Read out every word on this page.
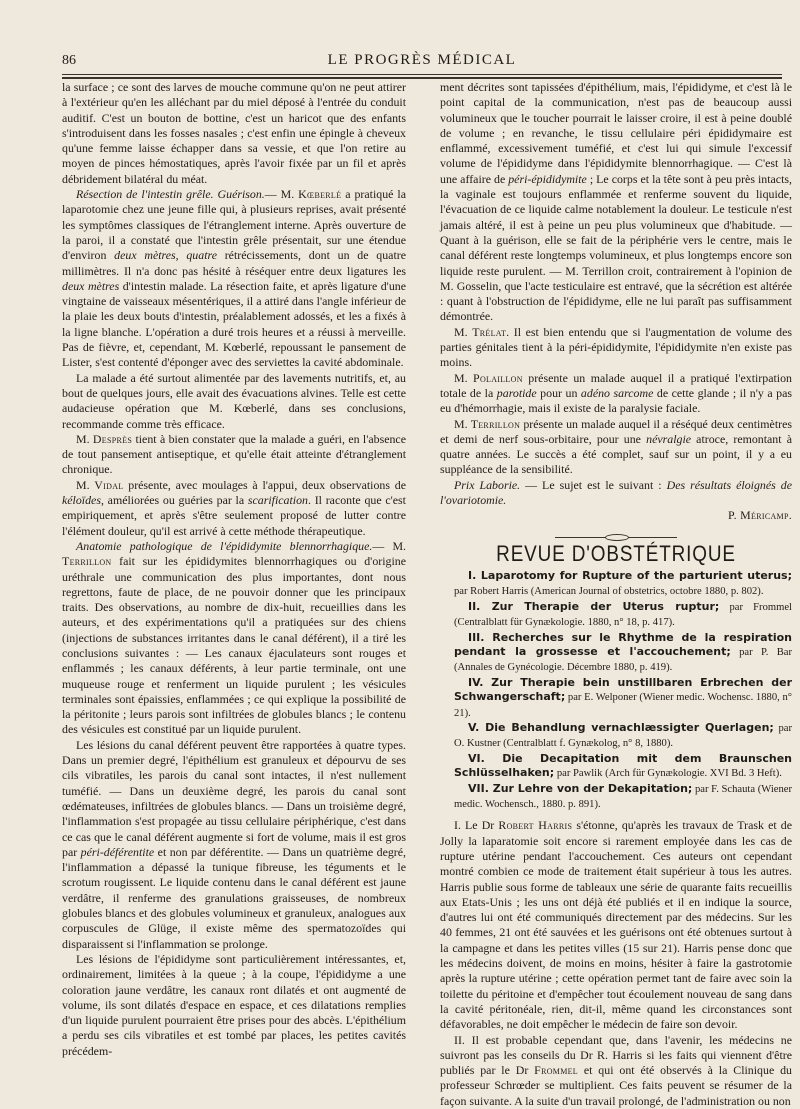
86	LE PROGRÈS MÉDICAL

la surface ; ce sont des larves de mouche commune qu'on ne peut attirer à l'extérieur qu'en les alléchant par du miel déposé à l'entrée du conduit auditif. C'est un bouton de bottine, c'est un haricot que des enfants s'introduisent dans les fosses nasales ; c'est enfin une épingle à cheveux qu'une femme laisse échapper dans sa vessie, et que l'on retire au moyen de pinces hémostatiques, après l'avoir fixée par un fil et après débridement bilatéral du méat.

Résection de l'intestin grêle. Guérison.— M. Kœberlé a pratiqué la laparotomie chez une jeune fille qui, à plusieurs reprises, avait présenté les symptômes classiques de l'étranglement interne. Après ouverture de la paroi, il a constaté que l'intestin grêle présentait, sur une étendue d'environ deux mètres, quatre rétrécissements, dont un de quatre millimètres. Il n'a donc pas hésité à réséquer entre deux ligatures les deux mètres d'intestin malade. La résection faite, et après ligature d'une vingtaine de vaisseaux mésentériques, il a attiré dans l'angle inférieur de la plaie les deux bouts d'intestin, préalablement adossés, et les a fixés à la ligne blanche. L'opération a duré trois heures et a réussi à merveille. Pas de fièvre, et, cependant, M. Kœberlé, repoussant le pansement de Lister, s'est contenté d'éponger avec des serviettes la cavité abdominale.

La malade a été surtout alimentée par des lavements nutritifs, et, au bout de quelques jours, elle avait des évacuations alvines. Telle est cette audacieuse opération que M. Kœberlé, dans ses conclusions, recommande comme très efficace.

M. Desprès tient à bien constater que la malade a guéri, en l'absence de tout pansement antiseptique, et qu'elle était atteinte d'étranglement chronique.

M. Vidal présente, avec moulages à l'appui, deux observations de kéloïdes, améliorées ou guéries par la scarification. Il raconte que c'est empiriquement, et après s'être seulement proposé de lutter contre l'élément douleur, qu'il est arrivé à cette méthode thérapeutique.

Anatomie pathologique de l'épididymite blennorrhagique.— M. Terrillon fait sur les épididymites blennorrhagiques ou d'origine uréthrale une communication des plus importantes, dont nous regrettons, faute de place, de ne pouvoir donner que les principaux traits. Des observations, au nombre de dix-huit, recueillies dans les auteurs, et des expérimentations qu'il a pratiquées sur des chiens (injections de substances irritantes dans le canal déférent), il a tiré les conclusions suivantes : — Les canaux éjaculateurs sont rouges et enflammés ; les canaux déférents, à leur partie terminale, ont une muqueuse rouge et renferment un liquide purulent ; les vésicules terminales sont épaissies, enflammées ; ce qui explique la possibilité de la péritonite ; leurs parois sont infiltrées de globules blancs ; le contenu des vésicules est constitué par un liquide purulent.

Les lésions du canal déférent peuvent être rapportées à quatre types. Dans un premier degré, l'épithélium est granuleux et dépourvu de ses cils vibratiles, les parois du canal sont intactes, il n'est nullement tuméfié. — Dans un deuxième degré, les parois du canal sont œdémateuses, infiltrées de globules blancs. — Dans un troisième degré, l'inflammation s'est propagée au tissu cellulaire périphérique, c'est dans ce cas que le canal déférent augmente si fort de volume, mais il est gros par péri-déférentite et non par déférentite. — Dans un quatrième degré, l'inflammation a dépassé la tunique fibreuse, les téguments et le scrotum rougissent. Le liquide contenu dans le canal déférent est jaune verdâtre, il renferme des granulations graisseuses, de nombreux globules blancs et des globules volumineux et granuleux, analogues aux corpuscules de Glüge, il existe même des spermatozoïdes qui disparaissent si l'inflammation se prolonge.

Les lésions de l'épididyme sont particulièrement intéressantes, et, ordinairement, limitées à la queue ; à la coupe, l'épididyme a une coloration jaune verdâtre, les canaux ront dilatés et ont augmenté de volume, ils sont dilatés d'espace en espace, et ces dilatations remplies d'un liquide purulent pourraient être prises pour des abcès. L'épithélium a perdu ses cils vibratiles et est tombé par places, les petites cavités précédem-

ment décrites sont tapissées d'épithélium, mais, l'épididyme, et c'est là le point capital de la communication, n'est pas de beaucoup aussi volumineux que le toucher pourrait le laisser croire, il est à peine doublé de volume ; en revanche, le tissu cellulaire péri épididymaire est enflammé, excessivement tuméfié, et c'est lui qui simule l'excessif volume de l'épididyme dans l'épididymite blennorrhagique. — C'est là une affaire de péri-épididymite ; Le corps et la tête sont à peu près intacts, la vaginale est toujours enflammée et renferme souvent du liquide, l'évacuation de ce liquide calme notablement la douleur. Le testicule n'est jamais altéré, il est à peine un peu plus volumineux que d'habitude. — Quant à la guérison, elle se fait de la périphérie vers le centre, mais le canal déférent reste longtemps volumineux, et plus longtemps encore son liquide reste purulent. — M. Terrillon croit, contrairement à l'opinion de M. Gosselin, que l'acte testiculaire est entravé, que la sécrétion est altérée : quant à l'obstruction de l'épididyme, elle ne lui paraît pas suffisamment démontrée.

M. Trélat. Il est bien entendu que si l'augmentation de volume des parties génitales tient à la péri-épididymite, l'épididymite n'en existe pas moins.

M. Polaillon présente un malade auquel il a pratiqué l'extirpation totale de la parotide pour un adéno sarcome de cette glande ; il n'y a pas eu d'hémorrhagie, mais il existe de la paralysie faciale.

M. Terrillon présente un malade auquel il a réséqué deux centimètres et demi de nerf sous-orbitaire, pour une névralgie atroce, remontant à quatre années. Le succès a été complet, sauf sur un point, il y a eu suppléance de la sensibilité.

Prix Laborie. — Le sujet est le suivant : Des résultats éloignés de l'ovariotomie.

P. Méricamp.

REVUE D'OBSTÉTRIQUE

I. Laparotomy for Rupture of the parturient uterus; par Robert Harris (American Journal of obstetrics, octobre 1880, p. 802).

II. Zur Therapie der Uterus ruptur; par Frommel (Centralblatt für Gynækologie. 1880, n° 18, p. 417).

III. Recherches sur le Rhythme de la respiration pendant la grossesse et l'accouchement; par P. Bar (Annales de Gynécologie. Décembre 1880, p. 419).

IV. Zur Therapie bein unstillbaren Erbrechen der Schwangerschaft; par E. Welponer (Wiener medic. Wochensc. 1880, n° 21).

V. Die Behandlung vernachlæssigter Querlagen; par O. Kustner (Centralblatt f. Gynækolog, n° 8, 1880).

VI. Die Decapitation mit dem Braunschen Schlüsselhaken; par Pawlik (Arch für Gynækologie. XVI Bd. 3 Heft).

VII. Zur Lehre von der Dekapitation; par F. Schauta (Wiener medic. Wochensch., 1880. p. 891).

I. Le Dr Robert Harris s'étonne, qu'après les travaux de Trask et de Jolly la laparatomie soit encore si rarement employée dans les cas de rupture utérine pendant l'accouchement. Ces auteurs ont cependant montré combien ce mode de traitement était supérieur à tous les autres. Harris publie sous forme de tableaux une série de quarante faits recueillis aux Etats-Unis ; les uns ont déjà été publiés et il en indique la source, d'autres lui ont été communiqués directement par des médecins. Sur les 40 femmes, 21 ont été sauvées et les guérisons ont été obtenues surtout à la campagne et dans les petites villes (15 sur 21). Harris pense donc que les médecins doivent, de moins en moins, hésiter à faire la gastrotomie après la rupture utérine ; cette opération permet tant de faire avec soin la toilette du péritoine et d'empêcher tout écoulement nouveau de sang dans la cavité péritonéale, rien, dit-il, même quand les circonstances sont défavorables, ne doit empêcher le médecin de faire son devoir.

II. Il est probable cependant que, dans l'avenir, les médecins ne suivront pas les conseils du Dr R. Harris si les faits qui viennent d'être publiés par le Dr Frommel et qui ont été observés à la Clinique du professeur Schrœder se multiplient. Ces faits peuvent se résumer de la façon suivante. A la suite d'un travail prolongé, de l'administration ou non
